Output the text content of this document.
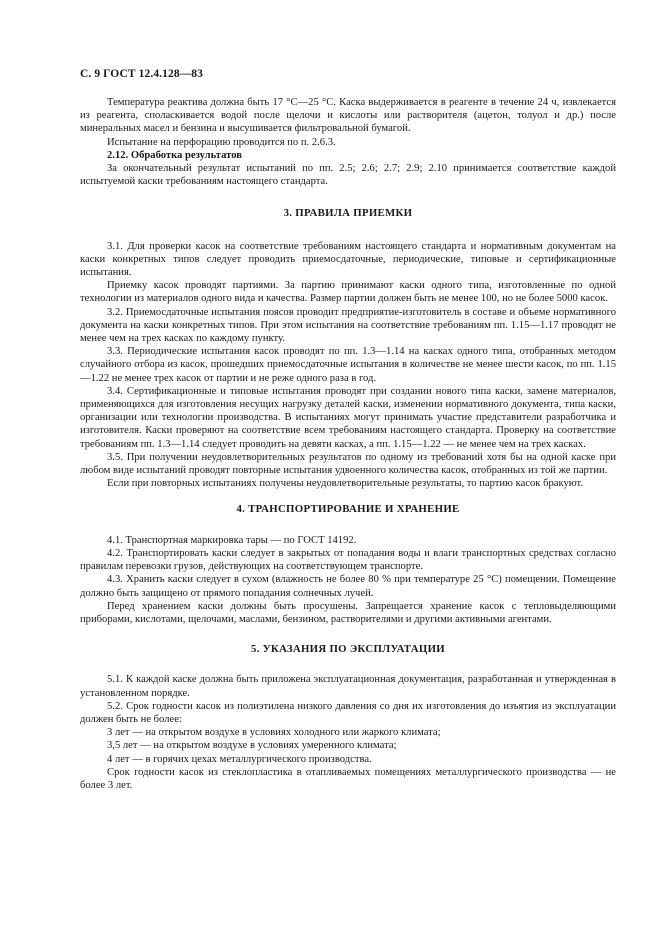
С. 9 ГОСТ 12.4.128—83

Температура реактива должна быть 17 °С—25 °С. Каска выдерживается в реагенте в течение 24 ч, извлекается из реагента, споласкивается водой после щелочи и кислоты или растворителя (ацетон, толуол и др.) после минеральных масел и бензина и высушивается фильтровальной бумагой.

Испытание на перфорацию проводится по п. 2.6.3.

2.12. Обработка результатов

За окончательный результат испытаний по пп. 2.5; 2.6; 2.7; 2.9; 2.10 принимается соответствие каждой испытуемой каски требованиям настоящего стандарта.

3. ПРАВИЛА ПРИЕМКИ

3.1. Для проверки касок на соответствие требованиям настоящего стандарта и нормативным документам на каски конкретных типов следует проводить приемосдаточные, периодические, типовые и сертификационные испытания.

Приемку касок проводят партиями. За партию принимают каски одного типа, изготовленные по одной технологии из материалов одного вида и качества. Размер партии должен быть не менее 100, но не более 5000 касок.

3.2. Приемосдаточные испытания поясов проводит предприятие-изготовитель в составе и объеме нормативного документа на каски конкретных типов. При этом испытания на соответствие требованиям пп. 1.15—1.17 проводят не менее чем на трех касках по каждому пункту.

3.3. Периодические испытания касок проводят по пп. 1.3—1.14 на касках одного типа, отобранных методом случайного отбора из касок, прошедших приемосдаточные испытания в количестве не менее шести касок, по пп. 1.15—1.22 не менее трех касок от партии и не реже одного раза в год.

3.4. Сертификационные и типовые испытания проводят при создании нового типа каски, замене материалов, применяющихся для изготовления несущих нагрузку деталей каски, изменении нормативного документа, типа каски, организации или технологии производства. В испытаниях могут принимать участие представители разработчика и изготовителя. Каски проверяют на соответствие всем требованиям настоящего стандарта. Проверку на соответствие требованиям пп. 1.3—1.14 следует проводить на девяти касках, а пп. 1.15—1.22 — не менее чем на трех касках.

3.5. При получении неудовлетворительных результатов по одному из требований хотя бы на одной каске при любом виде испытаний проводят повторные испытания удвоенного количества касок, отобранных из той же партии.

Если при повторных испытаниях получены неудовлетворительные результаты, то партию касок бракуют.

4. ТРАНСПОРТИРОВАНИЕ И ХРАНЕНИЕ

4.1. Транспортная маркировка тары — по ГОСТ 14192.

4.2. Транспортировать каски следует в закрытых от попадания воды и влаги транспортных средствах согласно правилам перевозки грузов, действующих на соответствующем транспорте.

4.3. Хранить каски следует в сухом (влажность не более 80 % при температуре 25 °С) помещении. Помещение должно быть защищено от прямого попадания солнечных лучей.

Перед хранением каски должны быть просушены. Запрещается хранение касок с тепловыделяющими приборами, кислотами, щелочами, маслами, бензином, растворителями и другими активными агентами.

5. УКАЗАНИЯ ПО ЭКСПЛУАТАЦИИ

5.1. К каждой каске должна быть приложена эксплуатационная документация, разработанная и утвержденная в установленном порядке.

5.2. Срок годности касок из полиэтилена низкого давления со дня их изготовления до изъятия из эксплуатации должен быть не более:

3 лет — на открытом воздухе в условиях холодного или жаркого климата;

3,5 лет — на открытом воздухе в условиях умеренного климата;

4 лет — в горячих цехах металлургического производства.

Срок годности касок из стеклопластика в отапливаемых помещениях металлургического производства — не более 3 лет.
